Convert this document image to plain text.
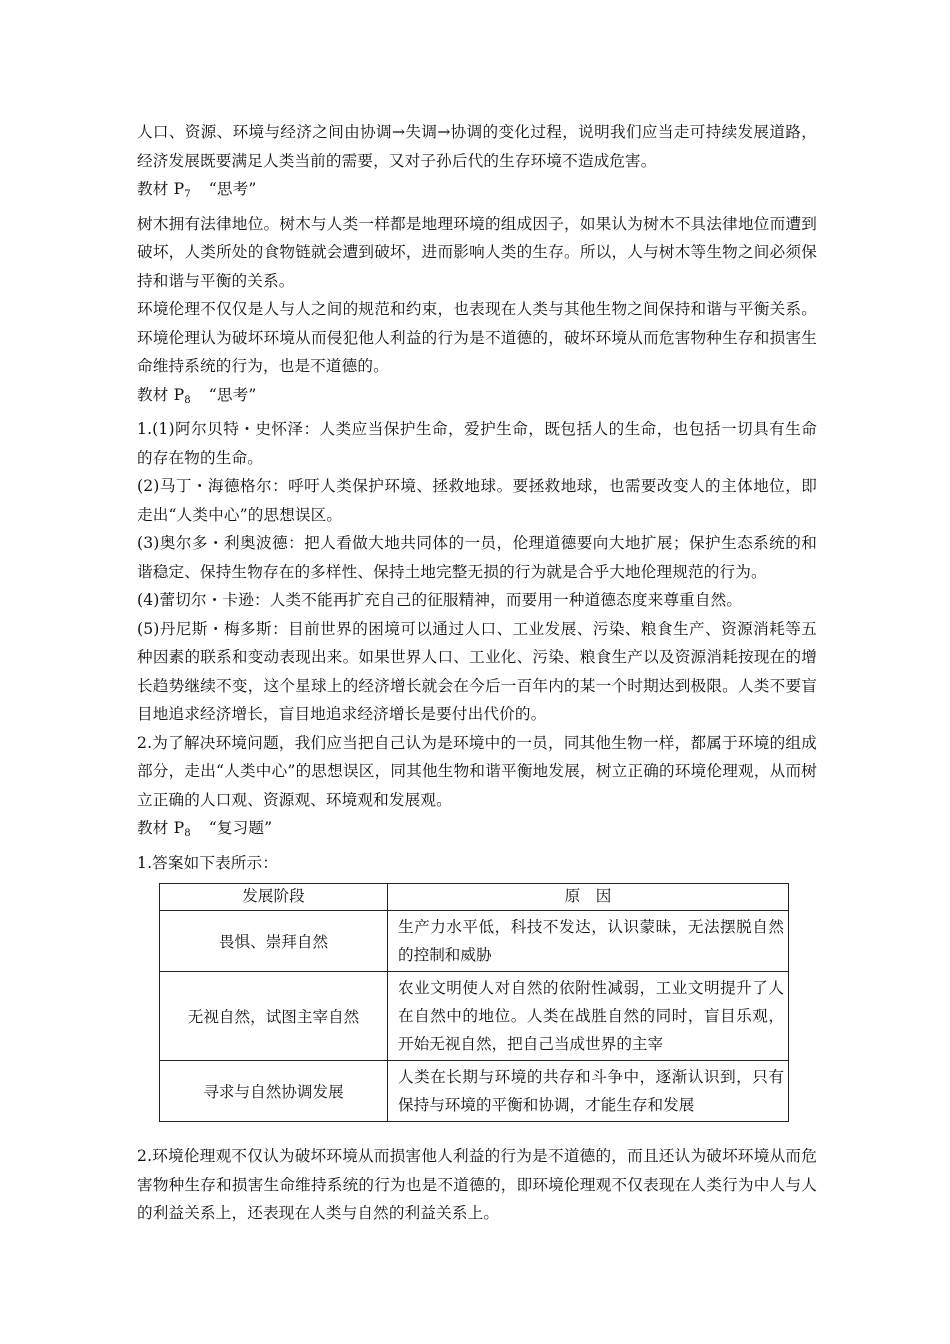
人口、资源、环境与经济之间由协调→失调→协调的变化过程，说明我们应当走可持续发展道路，经济发展既要满足人类当前的需要，又对子孙后代的生存环境不造成危害。

教材 $P_7$ “思考”

树木拥有法律地位。树木与人类一样都是地理环境的组成因子，如果认为树木不具法律地位而遭到破坏，人类所处的食物链就会遭到破坏，进而影响人类的生存。所以，人与树木等生物之间必须保持和谐与平衡的关系。

环境伦理不仅仅是人与人之间的规范和约束，也表现在人类与其他生物之间保持和谐与平衡关系。环境伦理认为破坏环境从而侵犯他人利益的行为是不道德的，破坏环境从而危害物种生存和损害生命维持系统的行为，也是不道德的。

教材 $P_8$ “思考”

1.(1)阿尔贝特・史怀泽：人类应当保护生命，爱护生命，既包括人的生命，也包括一切具有生命的存在物的生命。

(2)马丁・海德格尔：呼吁人类保护环境、拯救地球。要拯救地球，也需要改变人的主体地位，即走出“人类中心”的思想误区。

(3)奥尔多・利奥波德：把人看做大地共同体的一员，伦理道德要向大地扩展；保护生态系统的和谐稳定、保持生物存在的多样性、保持土地完整无损的行为就是合乎大地伦理规范的行为。

(4)蕾切尔・卡逊：人类不能再扩充自己的征服精神，而要用一种道德态度来尊重自然。

(5)丹尼斯・梅多斯：目前世界的困境可以通过人口、工业发展、污染、粮食生产、资源消耗等五种因素的联系和变动表现出来。如果世界人口、工业化、污染、粮食生产以及资源消耗按现在的增长趋势继续不变，这个星球上的经济增长就会在今后一百年内的某一个时期达到极限。人类不要盲目地追求经济增长，盲目地追求经济增长是要付出代价的。

2.为了解决环境问题，我们应当把自己认为是环境中的一员，同其他生物一样，都属于环境的组成部分，走出“人类中心”的思想误区，同其他生物和谐平衡地发展，树立正确的环境伦理观，从而树立正确的人口观、资源观、环境观和发展观。

教材 $P_8$ “复习题”

1.答案如下表所示：

发展阶段	原　因
畏惧、崇拜自然	生产力水平低，科技不发达，认识蒙昧，无法摆脱自然的控制和威胁
无视自然，试图主宰自然	农业文明使人对自然的依附性减弱，工业文明提升了人在自然中的地位。人类在战胜自然的同时，盲目乐观，开始无视自然，把自己当成世界的主宰
寻求与自然协调发展	人类在长期与环境的共存和斗争中，逐渐认识到，只有保持与环境的平衡和协调，才能生存和发展

2.环境伦理观不仅认为破坏环境从而损害他人利益的行为是不道德的，而且还认为破坏环境从而危害物种生存和损害生命维持系统的行为也是不道德的，即环境伦理观不仅表现在人类行为中人与人的利益关系上，还表现在人类与自然的利益关系上。
